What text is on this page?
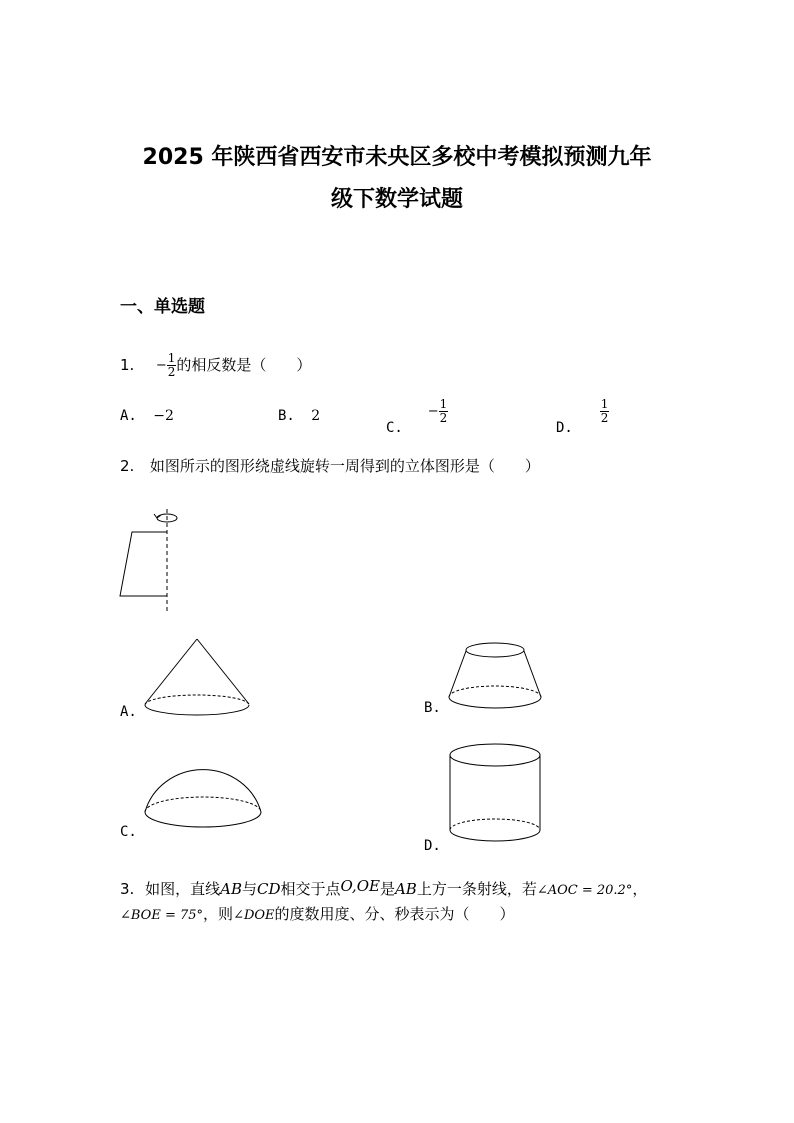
2025 年陕西省西安市未央区多校中考模拟预测九年
级下数学试题
一、单选题
1. − $\frac{1}{2}$ 的相反数是（　　）
A. −2	B. 2
C.  − $\frac{1}{2}$
D.
$\frac{1}{2}$
2. 如图所示的图形绕虚线旋转一周得到的立体图形是（　　）
A.	B.
C.
D.
3. 如图，直线AB与CD相交于点O,OE是AB上方一条射线，若∠AOC = 20.2°，
∠BOE = 75°，则∠DOE的度数用度、分、秒表示为（　　）
